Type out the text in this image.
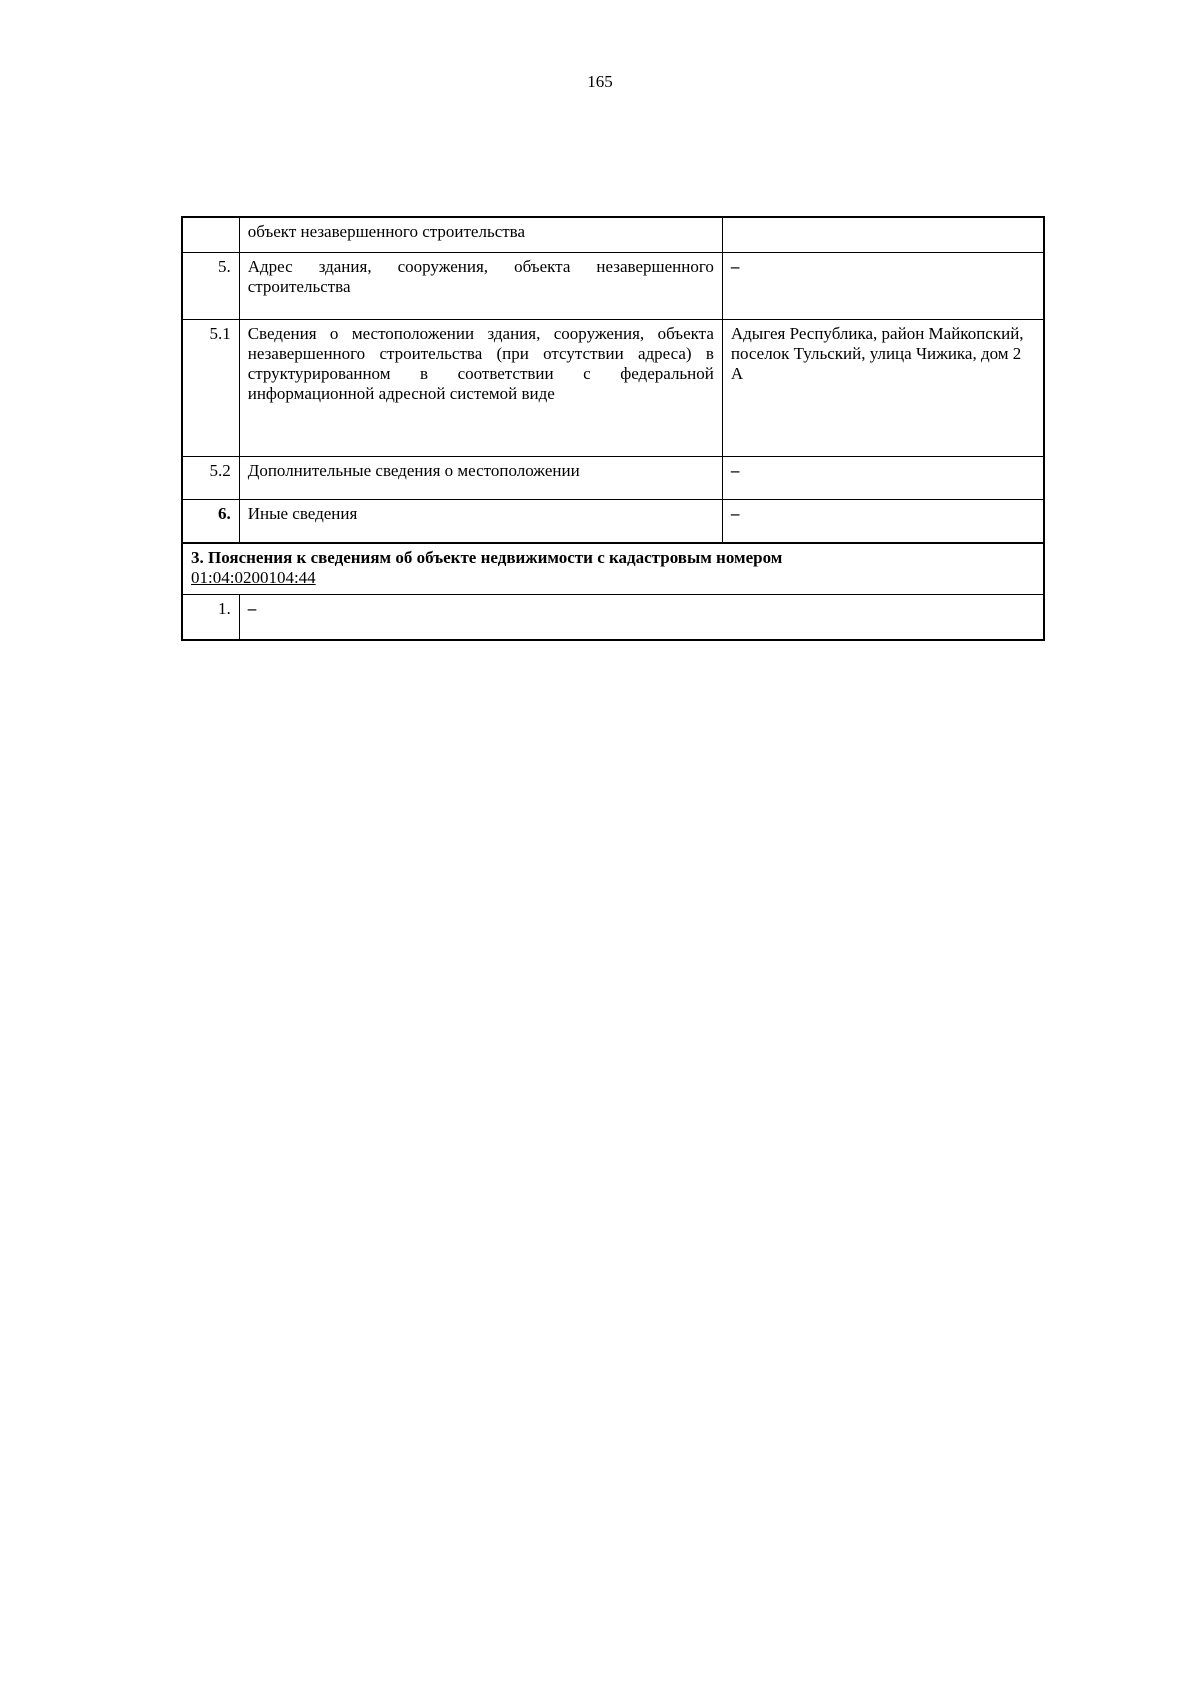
165
	объект незавершенного строительства	
5.	Адрес здания, сооружения, объекта незавершенного строительства	–
5.1	Сведения о местоположении здания, сооружения, объекта незавершенного строительства (при отсутствии адреса) в структурированном в соответствии с федеральной информационной адресной системой виде	Адыгея Республика, район Майкопский, поселок Тульский, улица Чижика, дом 2 А
5.2	Дополнительные сведения о местоположении	–
6.	Иные сведения	–
3. Пояснения к сведениям об объекте недвижимости с кадастровым номером
01:04:0200104:44		
1.	–	
